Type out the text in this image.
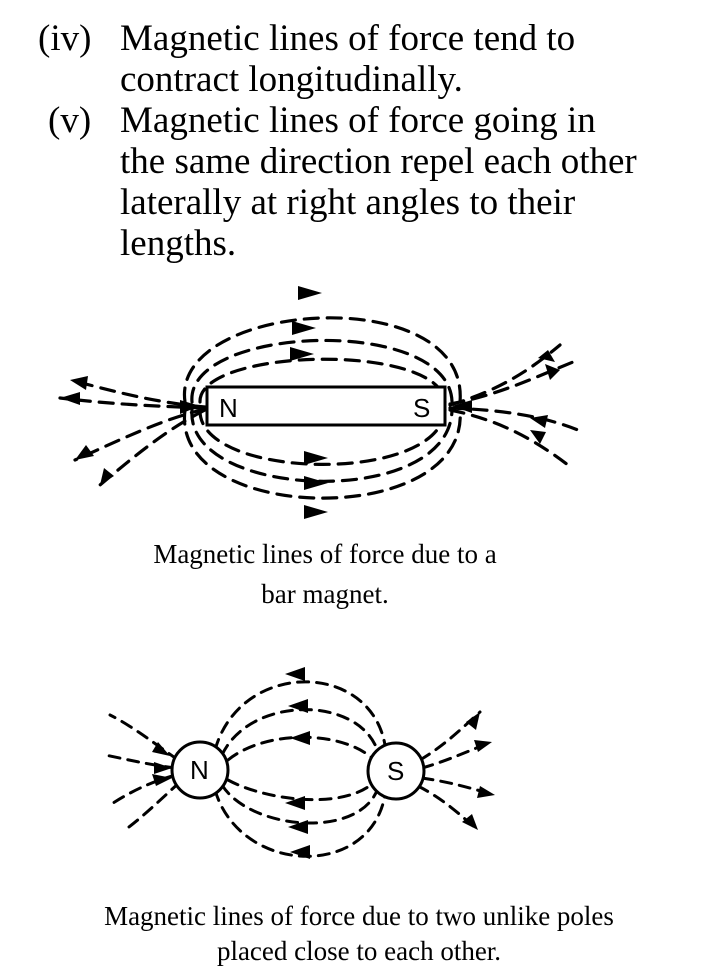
(iv) Magnetic lines of force tend to
contract longitudinally.
(v) Magnetic lines of force going in
the same direction repel each other
laterally at right angles to their
lengths.
N	S
Magnetic lines of force due to a
bar magnet.
N	S
Magnetic lines of force due to two unlike poles
placed close to each other.
